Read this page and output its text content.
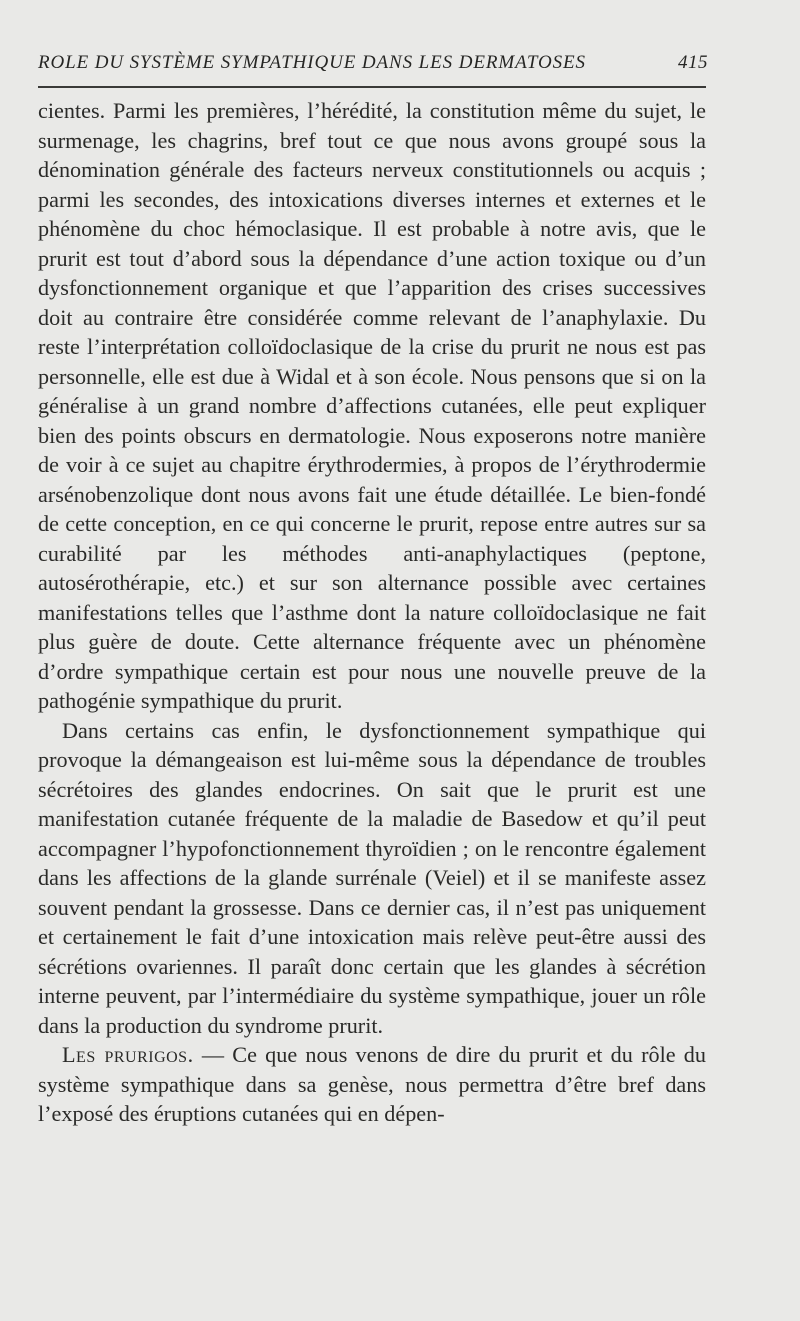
ROLE DU SYSTÈME SYMPATHIQUE DANS LES DERMATOSES	415

cientes. Parmi les premières, l’hérédité, la constitution même du sujet, le surmenage, les chagrins, bref tout ce que nous avons groupé sous la dénomination générale des facteurs nerveux constitutionnels ou acquis ; parmi les secondes, des intoxications diverses internes et externes et le phénomène du choc hémoclasique. Il est probable à notre avis, que le prurit est tout d’abord sous la dépendance d’une action toxique ou d’un dysfonctionnement organique et que l’apparition des crises successives doit au contraire être considérée comme relevant de l’anaphylaxie. Du reste l’interprétation colloïdoclasique de la crise du prurit ne nous est pas personnelle, elle est due à Widal et à son école. Nous pensons que si on la généralise à un grand nombre d’affections cutanées, elle peut expliquer bien des points obscurs en dermatologie. Nous exposerons notre manière de voir à ce sujet au chapitre érythrodermies, à propos de l’érythrodermie arsénobenzolique dont nous avons fait une étude détaillée. Le bien-fondé de cette conception, en ce qui concerne le prurit, repose entre autres sur sa curabilité par les méthodes anti-anaphylactiques (peptone, autosérothérapie, etc.) et sur son alternance possible avec certaines manifestations telles que l’asthme dont la nature colloïdoclasique ne fait plus guère de doute. Cette alternance fréquente avec un phénomène d’ordre sympathique certain est pour nous une nouvelle preuve de la pathogénie sympathique du prurit.

Dans certains cas enfin, le dysfonctionnement sympathique qui provoque la démangeaison est lui-même sous la dépendance de troubles sécrétoires des glandes endocrines. On sait que le prurit est une manifestation cutanée fréquente de la maladie de Basedow et qu’il peut accompagner l’hypofonctionnement thyroïdien ; on le rencontre également dans les affections de la glande surrénale (Veiel) et il se manifeste assez souvent pendant la grossesse. Dans ce dernier cas, il n’est pas uniquement et certainement le fait d’une intoxication mais relève peut-être aussi des sécrétions ovariennes. Il paraît donc certain que les glandes à sécrétion interne peuvent, par l’intermédiaire du système sympathique, jouer un rôle dans la production du syndrome prurit.

Les prurigos. — Ce que nous venons de dire du prurit et du rôle du système sympathique dans sa genèse, nous permettra d’être bref dans l’exposé des éruptions cutanées qui en dépen-
